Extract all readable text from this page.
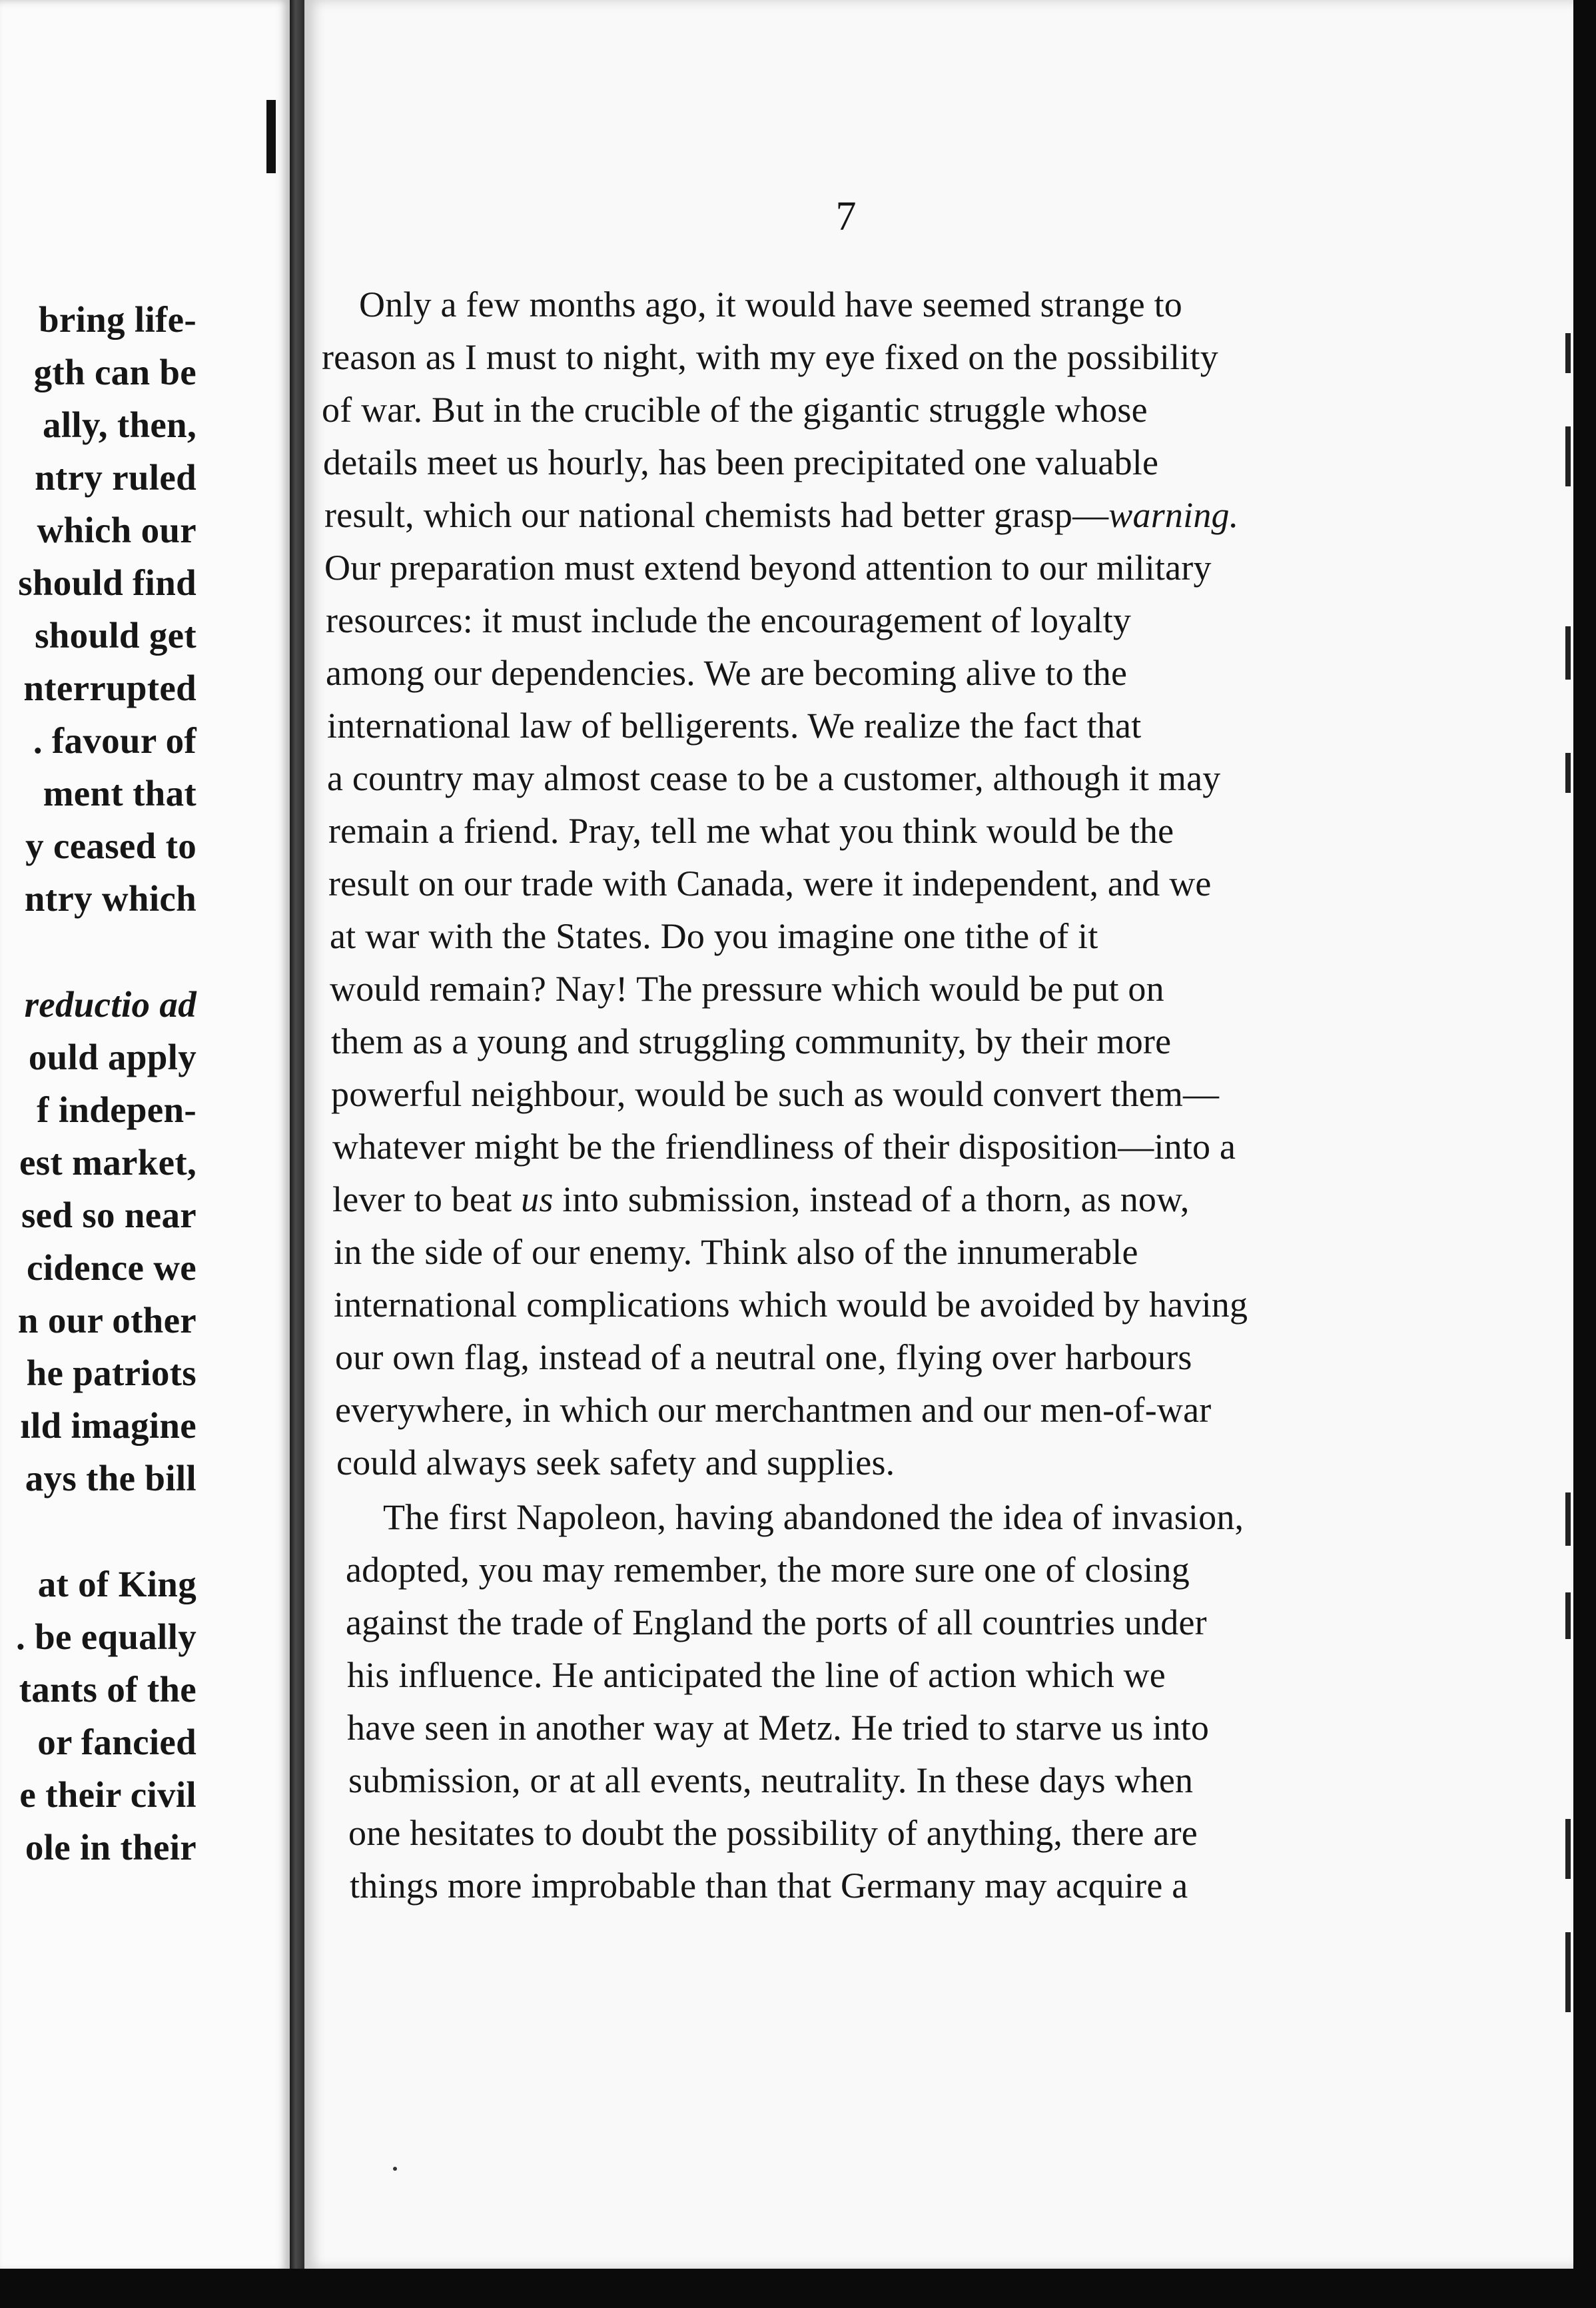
bring life-
gth can be
ally, then,
ntry ruled
which our
should find
should get
nterrupted
. favour of
ment that
y ceased to
ntry which
reductio ad
ould apply
f indepen-
est market,
sed so near
cidence we
n our other
he patriots
ıld imagine
ays the bill
at of King
. be equally
tants of the
or fancied
e their civil
ole in their
7
Only a few months ago, it would have seemed strange to
reason as I must to night, with my eye fixed on the possibility
of war. But in the crucible of the gigantic struggle whose
details meet us hourly, has been precipitated one valuable
result, which our national chemists had better grasp—warning.
Our preparation must extend beyond attention to our military
resources: it must include the encouragement of loyalty
among our dependencies. We are becoming alive to the
international law of belligerents. We realize the fact that
a country may almost cease to be a customer, although it may
remain a friend. Pray, tell me what you think would be the
result on our trade with Canada, were it independent, and we
at war with the States. Do you imagine one tithe of it
would remain? Nay! The pressure which would be put on
them as a young and struggling community, by their more
powerful neighbour, would be such as would convert them—
whatever might be the friendliness of their disposition—into a
lever to beat us into submission, instead of a thorn, as now,
in the side of our enemy. Think also of the innumerable
international complications which would be avoided by having
our own flag, instead of a neutral one, flying over harbours
everywhere, in which our merchantmen and our men-of-war
could always seek safety and supplies.
The first Napoleon, having abandoned the idea of invasion,
adopted, you may remember, the more sure one of closing
against the trade of England the ports of all countries under
his influence. He anticipated the line of action which we
have seen in another way at Metz. He tried to starve us into
submission, or at all events, neutrality. In these days when
one hesitates to doubt the possibility of anything, there are
things more improbable than that Germany may acquire a
